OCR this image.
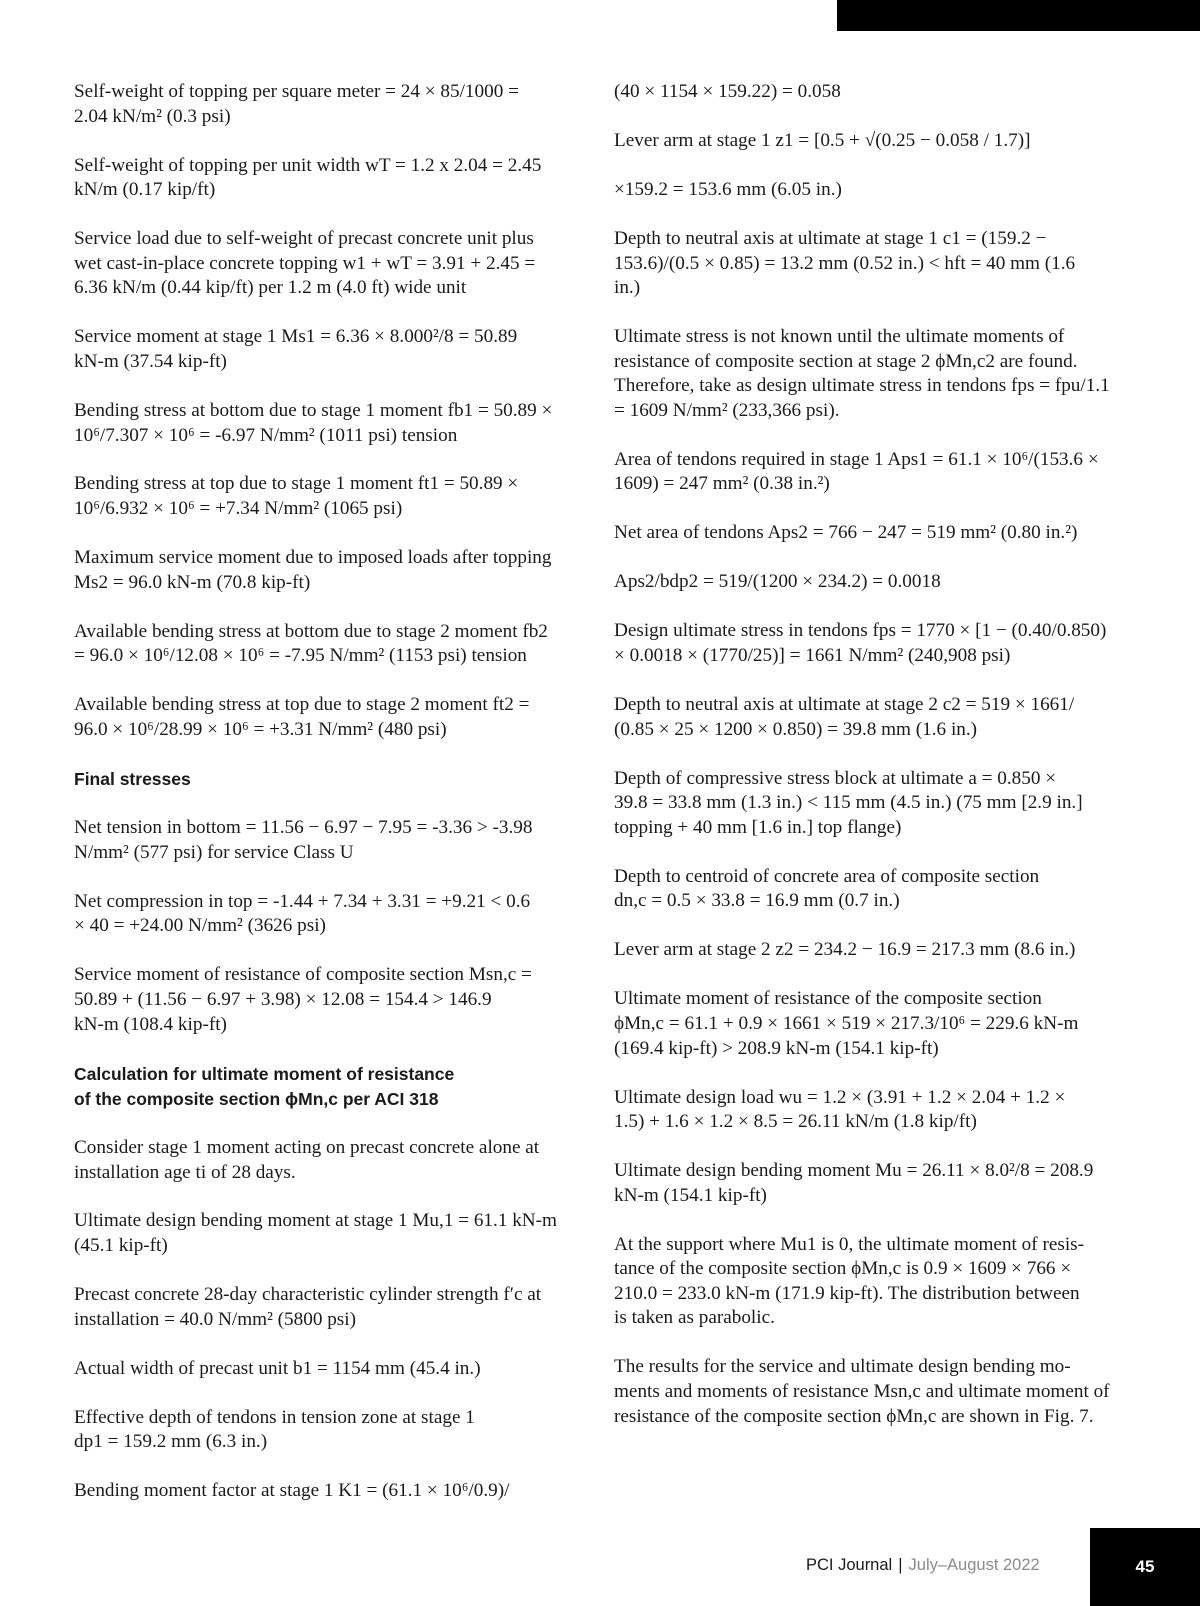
Self-weight of topping per square meter = 24 × 85/1000 =
2.04 kN/m² (0.3 psi)

Self-weight of topping per unit width wT = 1.2 x 2.04 = 2.45
kN/m (0.17 kip/ft)

Service load due to self-weight of precast concrete unit plus
wet cast-in-place concrete topping w1 + wT = 3.91 + 2.45 =
6.36 kN/m (0.44 kip/ft) per 1.2 m (4.0 ft) wide unit

Service moment at stage 1 Ms1 = 6.36 × 8.000²/8 = 50.89
kN-m (37.54 kip-ft)

Bending stress at bottom due to stage 1 moment fb1 = 50.89 ×
10⁶/7.307 × 10⁶ = -6.97 N/mm² (1011 psi) tension

Bending stress at top due to stage 1 moment ft1 = 50.89 ×
10⁶/6.932 × 10⁶ = +7.34 N/mm² (1065 psi)

Maximum service moment due to imposed loads after topping
Ms2 = 96.0 kN-m (70.8 kip-ft)

Available bending stress at bottom due to stage 2 moment fb2
= 96.0 × 10⁶/12.08 × 10⁶ = -7.95 N/mm² (1153 psi) tension

Available bending stress at top due to stage 2 moment ft2 =
96.0 × 10⁶/28.99 × 10⁶ = +3.31 N/mm² (480 psi)

Final stresses

Net tension in bottom = 11.56 − 6.97 − 7.95 = -3.36 > -3.98
N/mm² (577 psi) for service Class U

Net compression in top = -1.44 + 7.34 + 3.31 = +9.21 < 0.6
× 40 = +24.00 N/mm² (3626 psi)

Service moment of resistance of composite section Msn,c =
50.89 + (11.56 − 6.97 + 3.98) × 12.08 = 154.4 > 146.9
kN-m (108.4 kip-ft)

Calculation for ultimate moment of resistance
of the composite section ϕMn,c per ACI 318

Consider stage 1 moment acting on precast concrete alone at
installation age ti of 28 days.

Ultimate design bending moment at stage 1 Mu,1 = 61.1 kN-m
(45.1 kip-ft)

Precast concrete 28-day characteristic cylinder strength f′c at
installation = 40.0 N/mm² (5800 psi)

Actual width of precast unit b1 = 1154 mm (45.4 in.)

Effective depth of tendons in tension zone at stage 1
dp1 = 159.2 mm (6.3 in.)

Bending moment factor at stage 1 K1 = (61.1 × 10⁶/0.9)/

(40 × 1154 × 159.22) = 0.058

Lever arm at stage 1 z1 = [0.5 + √(0.25 − 0.058 / 1.7)]

×159.2 = 153.6 mm (6.05 in.)

Depth to neutral axis at ultimate at stage 1 c1 = (159.2 −
153.6)/(0.5 × 0.85) = 13.2 mm (0.52 in.) < hft = 40 mm (1.6
in.)

Ultimate stress is not known until the ultimate moments of
resistance of composite section at stage 2 ϕMn,c2 are found.
Therefore, take as design ultimate stress in tendons fps = fpu/1.1
= 1609 N/mm² (233,366 psi).

Area of tendons required in stage 1 Aps1 = 61.1 × 10⁶/(153.6 ×
1609) = 247 mm² (0.38 in.²)

Net area of tendons Aps2 = 766 − 247 = 519 mm² (0.80 in.²)

Aps2/bdp2 = 519/(1200 × 234.2) = 0.0018

Design ultimate stress in tendons fps = 1770 × [1 − (0.40/0.850)
× 0.0018 × (1770/25)] = 1661 N/mm² (240,908 psi)

Depth to neutral axis at ultimate at stage 2 c2 = 519 × 1661/
(0.85 × 25 × 1200 × 0.850) = 39.8 mm (1.6 in.)

Depth of compressive stress block at ultimate a = 0.850 ×
39.8 = 33.8 mm (1.3 in.) < 115 mm (4.5 in.) (75 mm [2.9 in.]
topping + 40 mm [1.6 in.] top flange)

Depth to centroid of concrete area of composite section
dn,c = 0.5 × 33.8 = 16.9 mm (0.7 in.)

Lever arm at stage 2 z2 = 234.2 − 16.9 = 217.3 mm (8.6 in.)

Ultimate moment of resistance of the composite section
ϕMn,c = 61.1 + 0.9 × 1661 × 519 × 217.3/10⁶ = 229.6 kN-m
(169.4 kip-ft) > 208.9 kN-m (154.1 kip-ft)

Ultimate design load wu = 1.2 × (3.91 + 1.2 × 2.04 + 1.2 ×
1.5) + 1.6 × 1.2 × 8.5 = 26.11 kN/m (1.8 kip/ft)

Ultimate design bending moment Mu = 26.11 × 8.0²/8 = 208.9
kN-m (154.1 kip-ft)

At the support where Mu1 is 0, the ultimate moment of resis-
tance of the composite section ϕMn,c is 0.9 × 1609 × 766 ×
210.0 = 233.0 kN-m (171.9 kip-ft). The distribution between
is taken as parabolic.

The results for the service and ultimate design bending mo-
ments and moments of resistance Msn,c and ultimate moment of
resistance of the composite section ϕMn,c are shown in Fig. 7.

PCI Journal | July–August 2022	45
